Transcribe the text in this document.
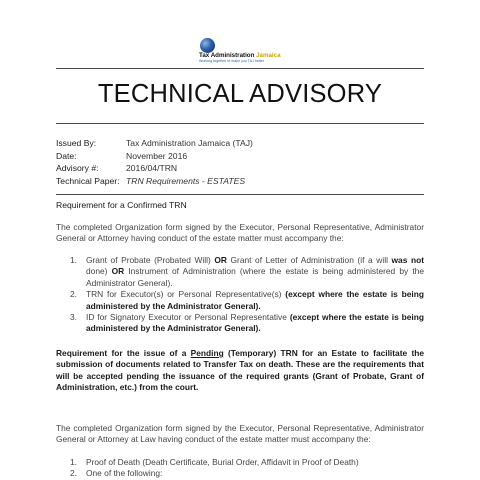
Tax Administration Jamaica
Working together to make you TAJ better
TECHNICAL ADVISORY
Issued By:	Tax Administration Jamaica (TAJ)
Date:	November 2016
Advisory #:	2016/04/TRN
Technical Paper: TRN Requirements - ESTATES
Requirement for a Confirmed TRN
The completed Organization form signed by the Executor, Personal Representative, Administrator General or Attorney having conduct of the estate matter must accompany the:
1. Grant of Probate (Probated Will) OR Grant of Letter of Administration (if a will was not done) OR Instrument of Administration (where the estate is being administered by the Administrator General).
2. TRN for Executor(s) or Personal Representative(s) (except where the estate is being administered by the Administrator General).
3. ID for Signatory Executor or Personal Representative (except where the estate is being administered by the Administrator General).
Requirement for the issue of a Pending (Temporary) TRN for an Estate to facilitate the submission of documents related to Transfer Tax on death. These are the requirements that will be accepted pending the issuance of the required grants (Grant of Probate, Grant of Administration, etc.) from the court.
The completed Organization form signed by the Executor, Personal Representative, Administrator General or Attorney at Law having conduct of the estate matter must accompany the:
1. Proof of Death (Death Certificate, Burial Order, Affidavit in Proof of Death)
2. One of the following:
